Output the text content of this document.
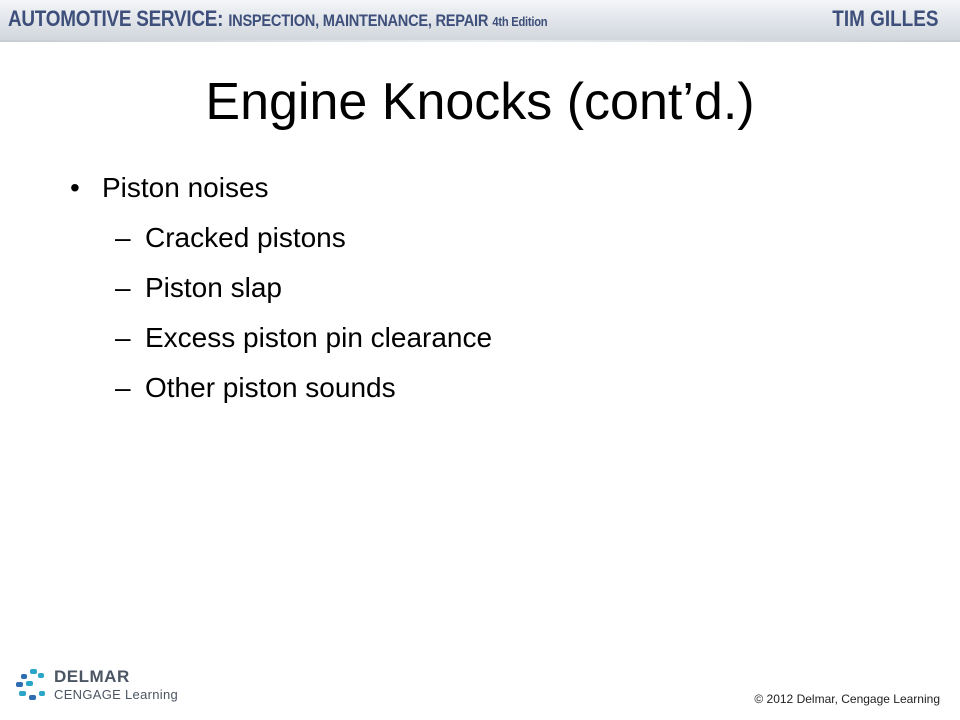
AUTOMOTIVE SERVICE: INSPECTION, MAINTENANCE, REPAIR 4th Edition	TIM GILLES
Engine Knocks (cont’d.)
• Piston noises
– Cracked pistons
– Piston slap
– Excess piston pin clearance
– Other piston sounds
DELMAR
CENGAGE Learning	© 2012 Delmar, Cengage Learning
